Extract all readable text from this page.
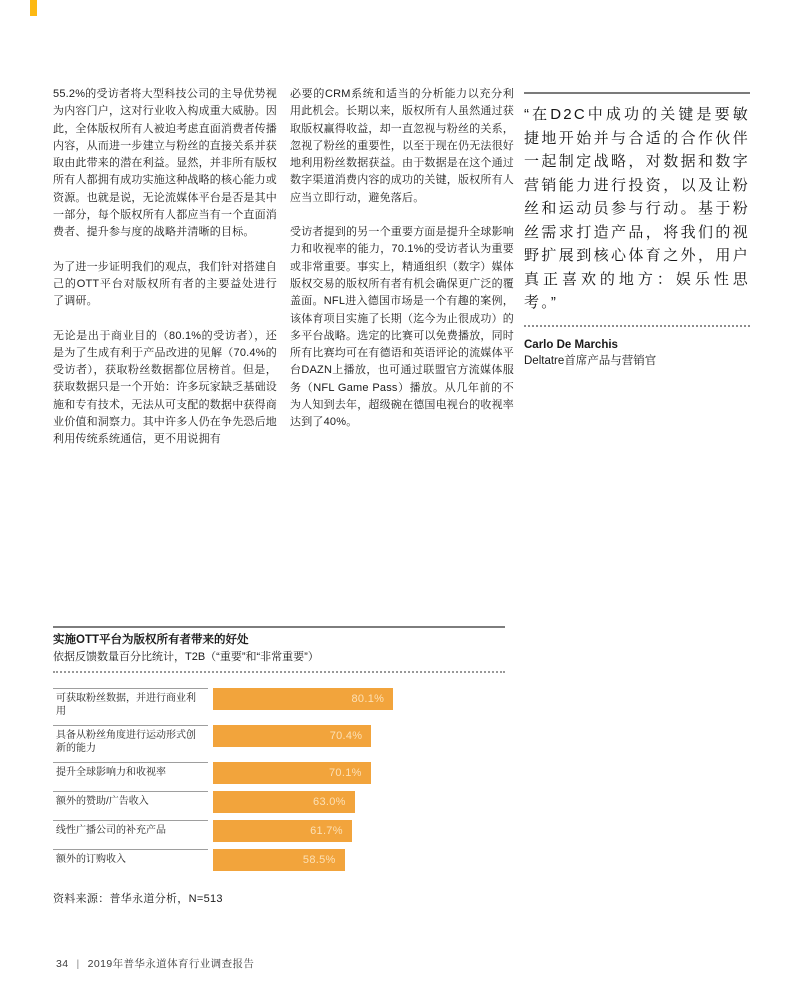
55.2%的受访者将大型科技公司的主导优势视为内容门户，这对行业收入构成重大威胁。因此，全体版权所有人被迫考虑直面消费者传播内容，从而进一步建立与粉丝的直接关系并获取由此带来的潜在利益。显然，并非所有版权所有人都拥有成功实施这种战略的核心能力或资源。也就是说，无论流媒体平台是否是其中一部分，每个版权所有人都应当有一个直面消费者、提升参与度的战略并清晰的目标。

为了进一步证明我们的观点，我们针对搭建自己的OTT平台对版权所有者的主要益处进行了调研。

无论是出于商业目的（80.1%的受访者），还是为了生成有利于产品改进的见解（70.4%的受访者），获取粉丝数据都位居榜首。但是，获取数据只是一个开始：许多玩家缺乏基础设施和专有技术，无法从可支配的数据中获得商业价值和洞察力。其中许多人仍在争先恐后地利用传统系统通信，更不用说拥有

必要的CRM系统和适当的分析能力以充分利用此机会。长期以来，版权所有人虽然通过获取版权赢得收益，却一直忽视与粉丝的关系，忽视了粉丝的重要性，以至于现在仍无法很好地利用粉丝数据获益。由于数据是在这个通过数字渠道消费内容的成功的关键，版权所有人应当立即行动，避免落后。

受访者提到的另一个重要方面是提升全球影响力和收视率的能力，70.1%的受访者认为重要或非常重要。事实上，精通组织（数字）媒体版权交易的版权所有者有机会确保更广泛的覆盖面。NFL进入德国市场是一个有趣的案例，该体育项目实施了长期（迄今为止很成功）的多平台战略。选定的比赛可以免费播放，同时所有比赛均可在有德语和英语评论的流媒体平台DAZN上播放，也可通过联盟官方流媒体服务（NFL Game Pass）播放。从几年前的不为人知到去年，超级碗在德国电视台的收视率达到了40%。

“在D2C中成功的关键是要敏捷地开始并与合适的合作伙伴一起制定战略，对数据和数字营销能力进行投资，以及让粉丝和运动员参与行动。基于粉丝需求打造产品，将我们的视野扩展到核心体育之外，用户真正喜欢的地方：娱乐性思考。”

Carlo De Marchis
Deltatre首席产品与营销官

实施OTT平台为版权所有者带来的好处

依据反馈数量百分比统计，T2B（“重要”和“非常重要”）

可获取粉丝数据，并进行商业利用
80.1%
具备从粉丝角度进行运动形式创新的能力
70.4%
提升全球影响力和收视率	70.1%
额外的赞助/广告收入	63.0%
线性广播公司的补充产品	61.7%
额外的订购收入	58.5%
资料来源：普华永道分析，N=513
34 | 2019年普华永道体育行业调查报告
